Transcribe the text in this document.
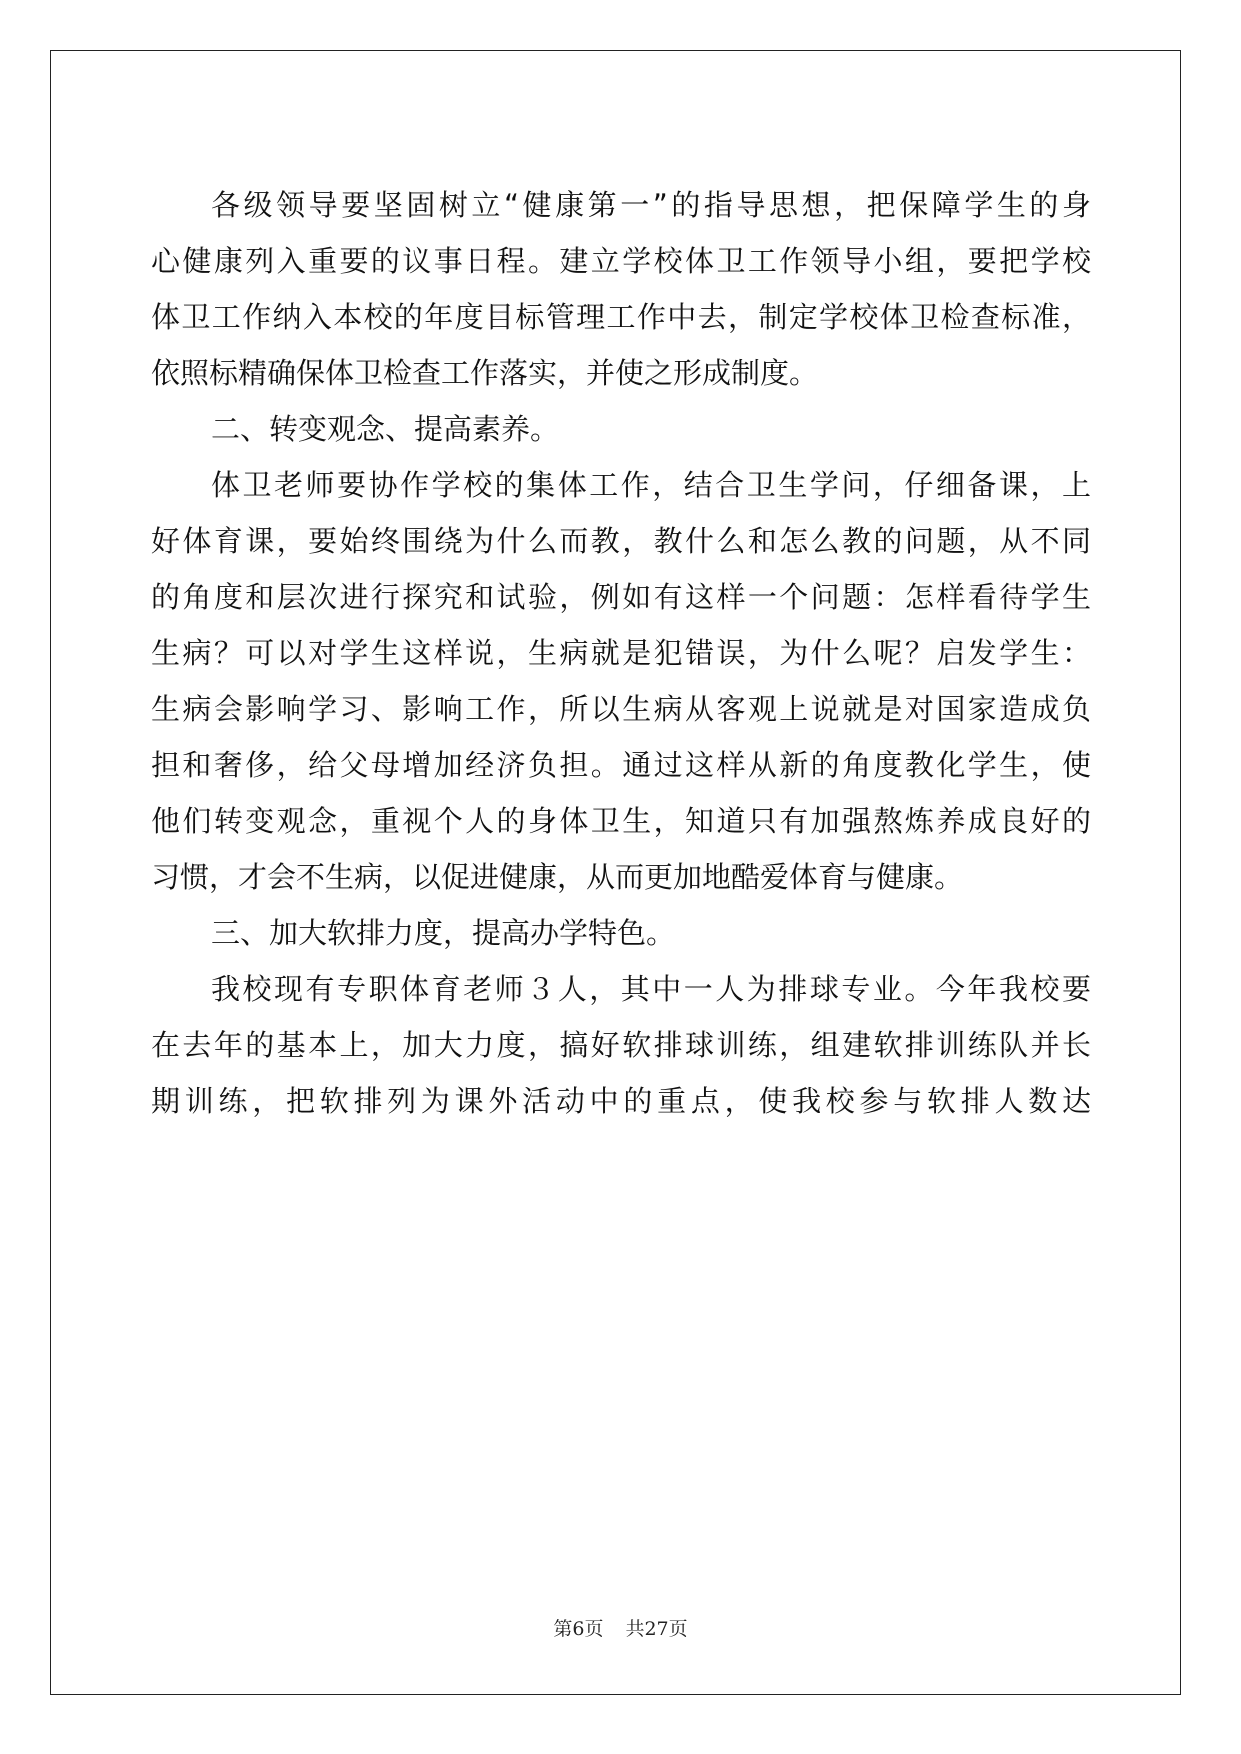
各级领导要坚固树立“健康第一”的指导思想，把保障学生的身
心健康列入重要的议事日程。建立学校体卫工作领导小组，要把学校
体卫工作纳入本校的年度目标管理工作中去，制定学校体卫检查标准，
依照标精确保体卫检查工作落实，并使之形成制度。
二、转变观念、提高素养。
体卫老师要协作学校的集体工作，结合卫生学问，仔细备课，上
好体育课，要始终围绕为什么而教，教什么和怎么教的问题，从不同
的角度和层次进行探究和试验，例如有这样一个问题：怎样看待学生
生病？可以对学生这样说，生病就是犯错误，为什么呢？启发学生：
生病会影响学习、影响工作，所以生病从客观上说就是对国家造成负
担和奢侈，给父母增加经济负担。通过这样从新的角度教化学生，使
他们转变观念，重视个人的身体卫生，知道只有加强熬炼养成良好的
习惯，才会不生病，以促进健康，从而更加地酷爱体育与健康。
三、加大软排力度，提高办学特色。
我校现有专职体育老师３人，其中一人为排球专业。今年我校要
在去年的基本上，加大力度，搞好软排球训练，组建软排训练队并长
期训练，把软排列为课外活动中的重点，使我校参与软排人数达
第6页 共27页
